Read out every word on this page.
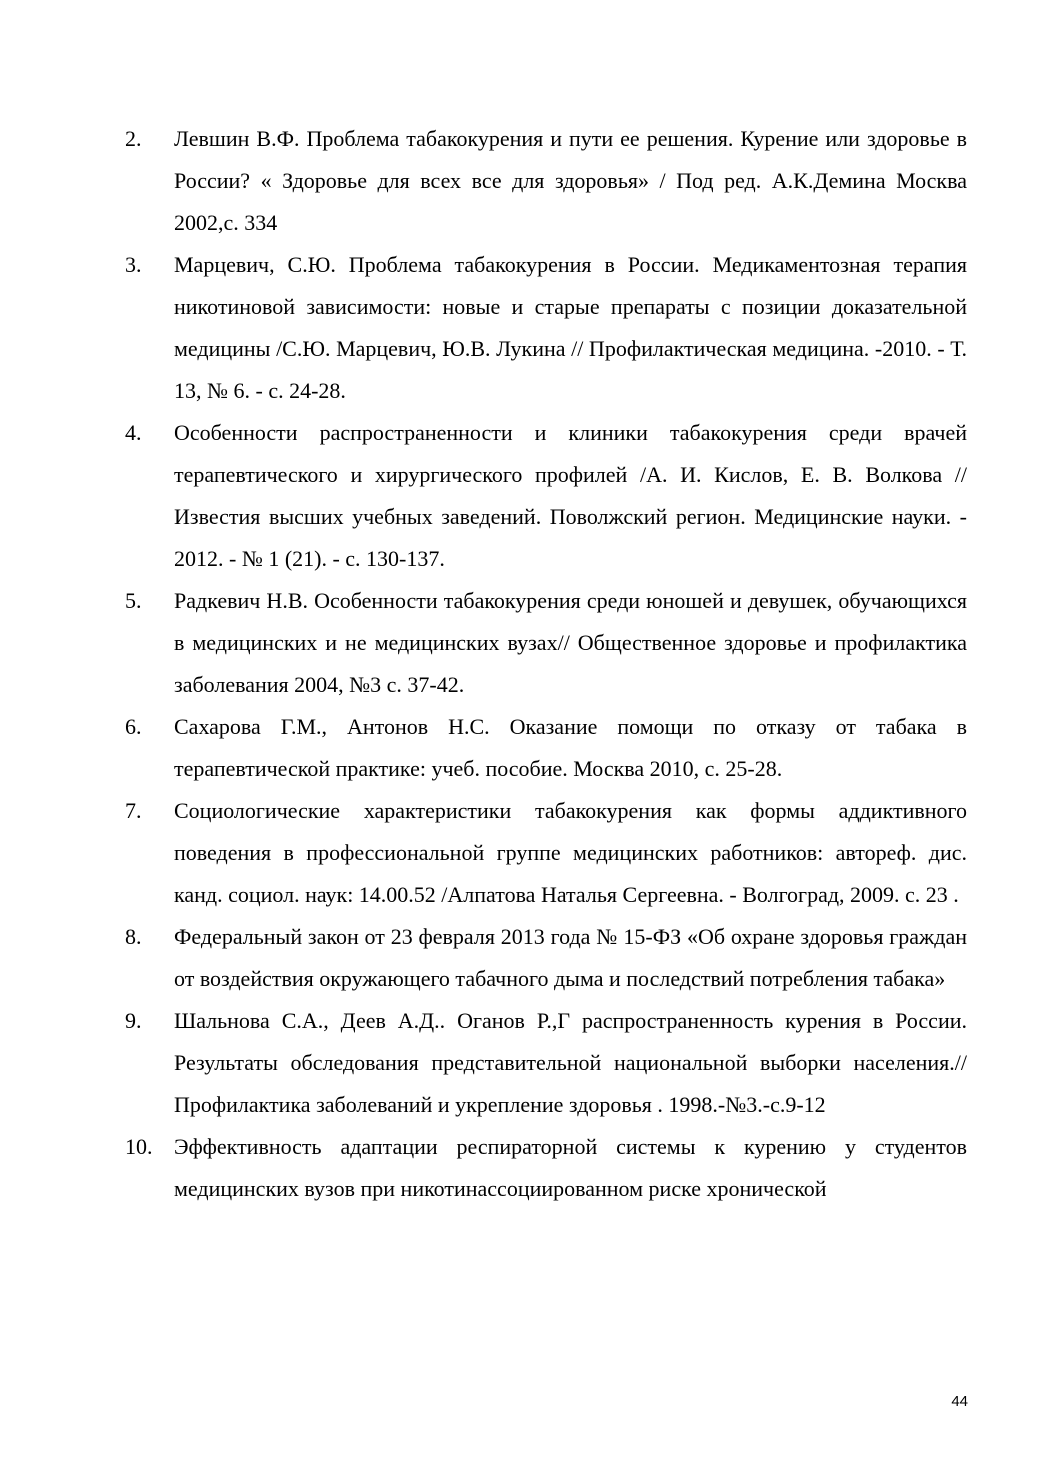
2.	Левшин В.Ф. Проблема табакокурения и пути ее решения. Курение или здоровье в России? « Здоровье для всех все для здоровья» / Под ред. А.К.Демина Москва 2002,с. 334
3.	Марцевич, С.Ю. Проблема табакокурения в России. Медикаментозная терапия никотиновой зависимости: новые и старые препараты с позиции доказательной медицины /С.Ю. Марцевич, Ю.В. Лукина // Профилактическая медицина. -2010. - Т. 13, № 6. - с. 24-28.
4.	Особенности распространенности и клиники табакокурения среди врачей терапевтического и хирургического профилей /А. И. Кислов, Е. В. Волкова // Известия высших учебных заведений. Поволжский регион. Медицинские науки. - 2012. - № 1 (21). - с. 130-137.
5.	Радкевич Н.В. Особенности табакокурения среди юношей и девушек, обучающихся в медицинских и не медицинских вузах// Общественное здоровье и профилактика заболевания 2004, №3 с. 37-42.
6.	Сахарова Г.М., Антонов Н.С. Оказание помощи по отказу от табака в терапевтической практике: учеб. пособие. Москва 2010, с. 25-28.
7.	Социологические характеристики табакокурения как формы аддиктивного поведения в профессиональной группе медицинских работников: автореф. дис. канд. социол. наук: 14.00.52 /Алпатова Наталья Сергеевна. - Волгоград, 2009. с. 23 .
8.	Федеральный закон от 23 февраля 2013 года № 15-ФЗ «Об охране здоровья граждан от воздействия окружающего табачного дыма и последствий потребления табака»
9.	Шальнова С.А., Деев А.Д.. Оганов Р.,Г распространенность курения в России. Результаты обследования представительной национальной выборки населения.// Профилактика заболеваний и укрепление здоровья . 1998.-№3.-с.9-12
10. Эффективность адаптации респираторной системы к курению у студентов медицинских вузов при никотинассоциированном риске хронической
44
